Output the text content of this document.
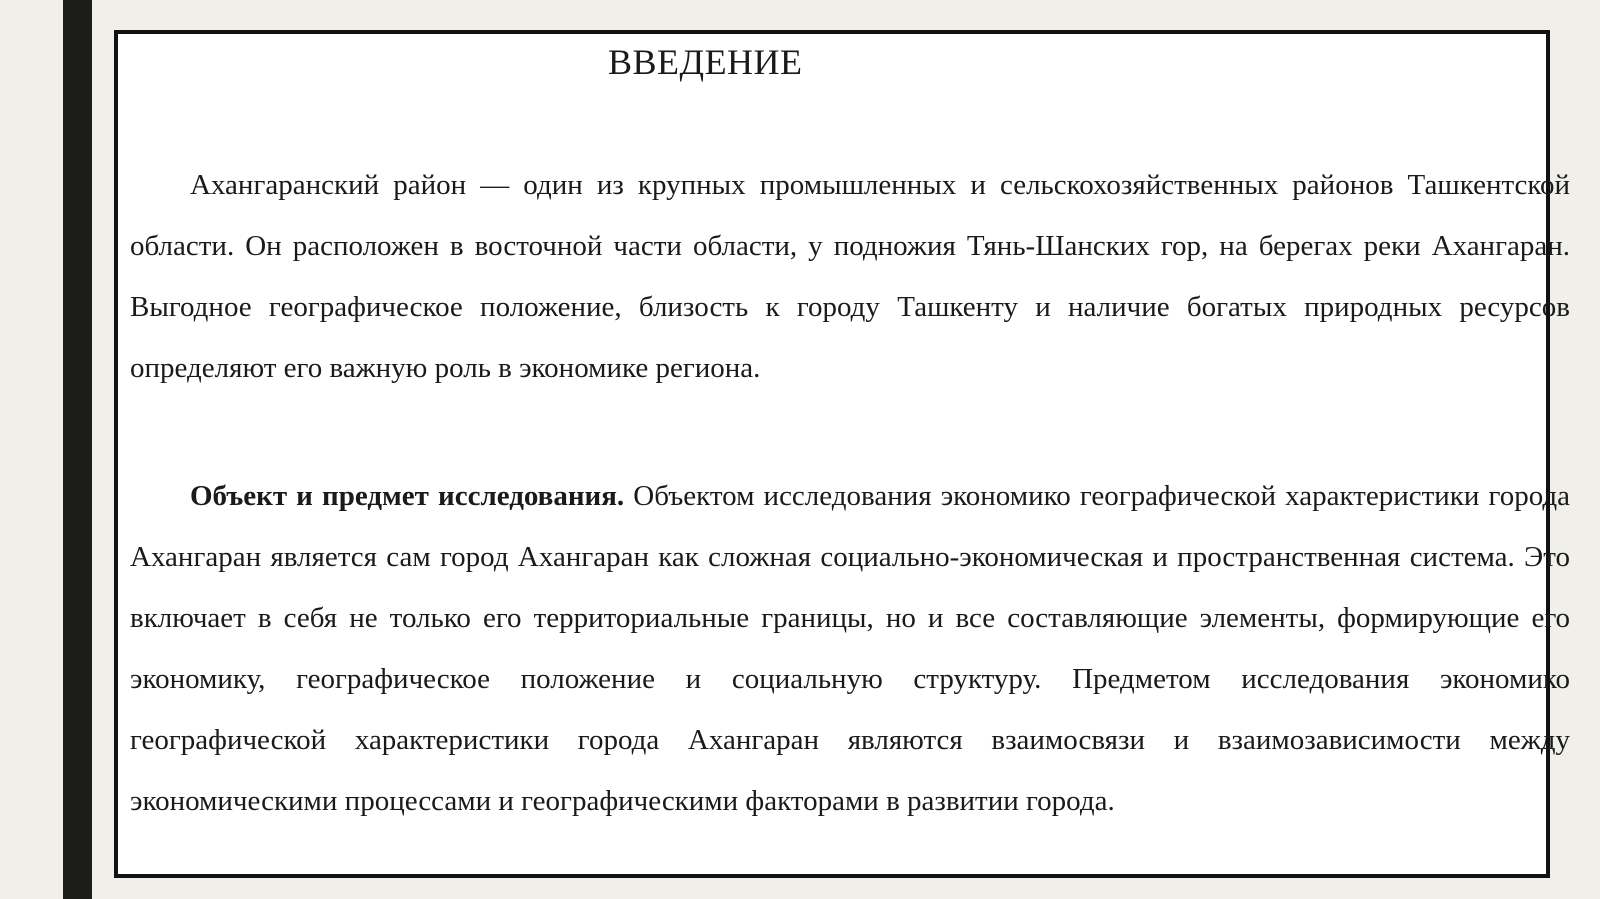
ВВЕДЕНИЕ

Ахангаранский район — один из крупных промышленных и сельскохозяйственных районов Ташкентской области. Он расположен в восточной части области, у подножия Тянь-Шанских гор, на берегах реки Ахангаран. Выгодное географическое положение, близость к городу Ташкенту и наличие богатых природных ресурсов определяют его важную роль в экономике региона.

Объект и предмет исследования. Объектом исследования экономико географической характеристики города Ахангаран является сам город Ахангаран как сложная социально-экономическая и пространственная система. Это включает в себя не только его территориальные границы, но и все составляющие элементы, формирующие его экономику, географическое положение и социальную структуру. Предметом исследования экономико географической характеристики города Ахангаран являются взаимосвязи и взаимозависимости между экономическими процессами и географическими факторами в развитии города.
